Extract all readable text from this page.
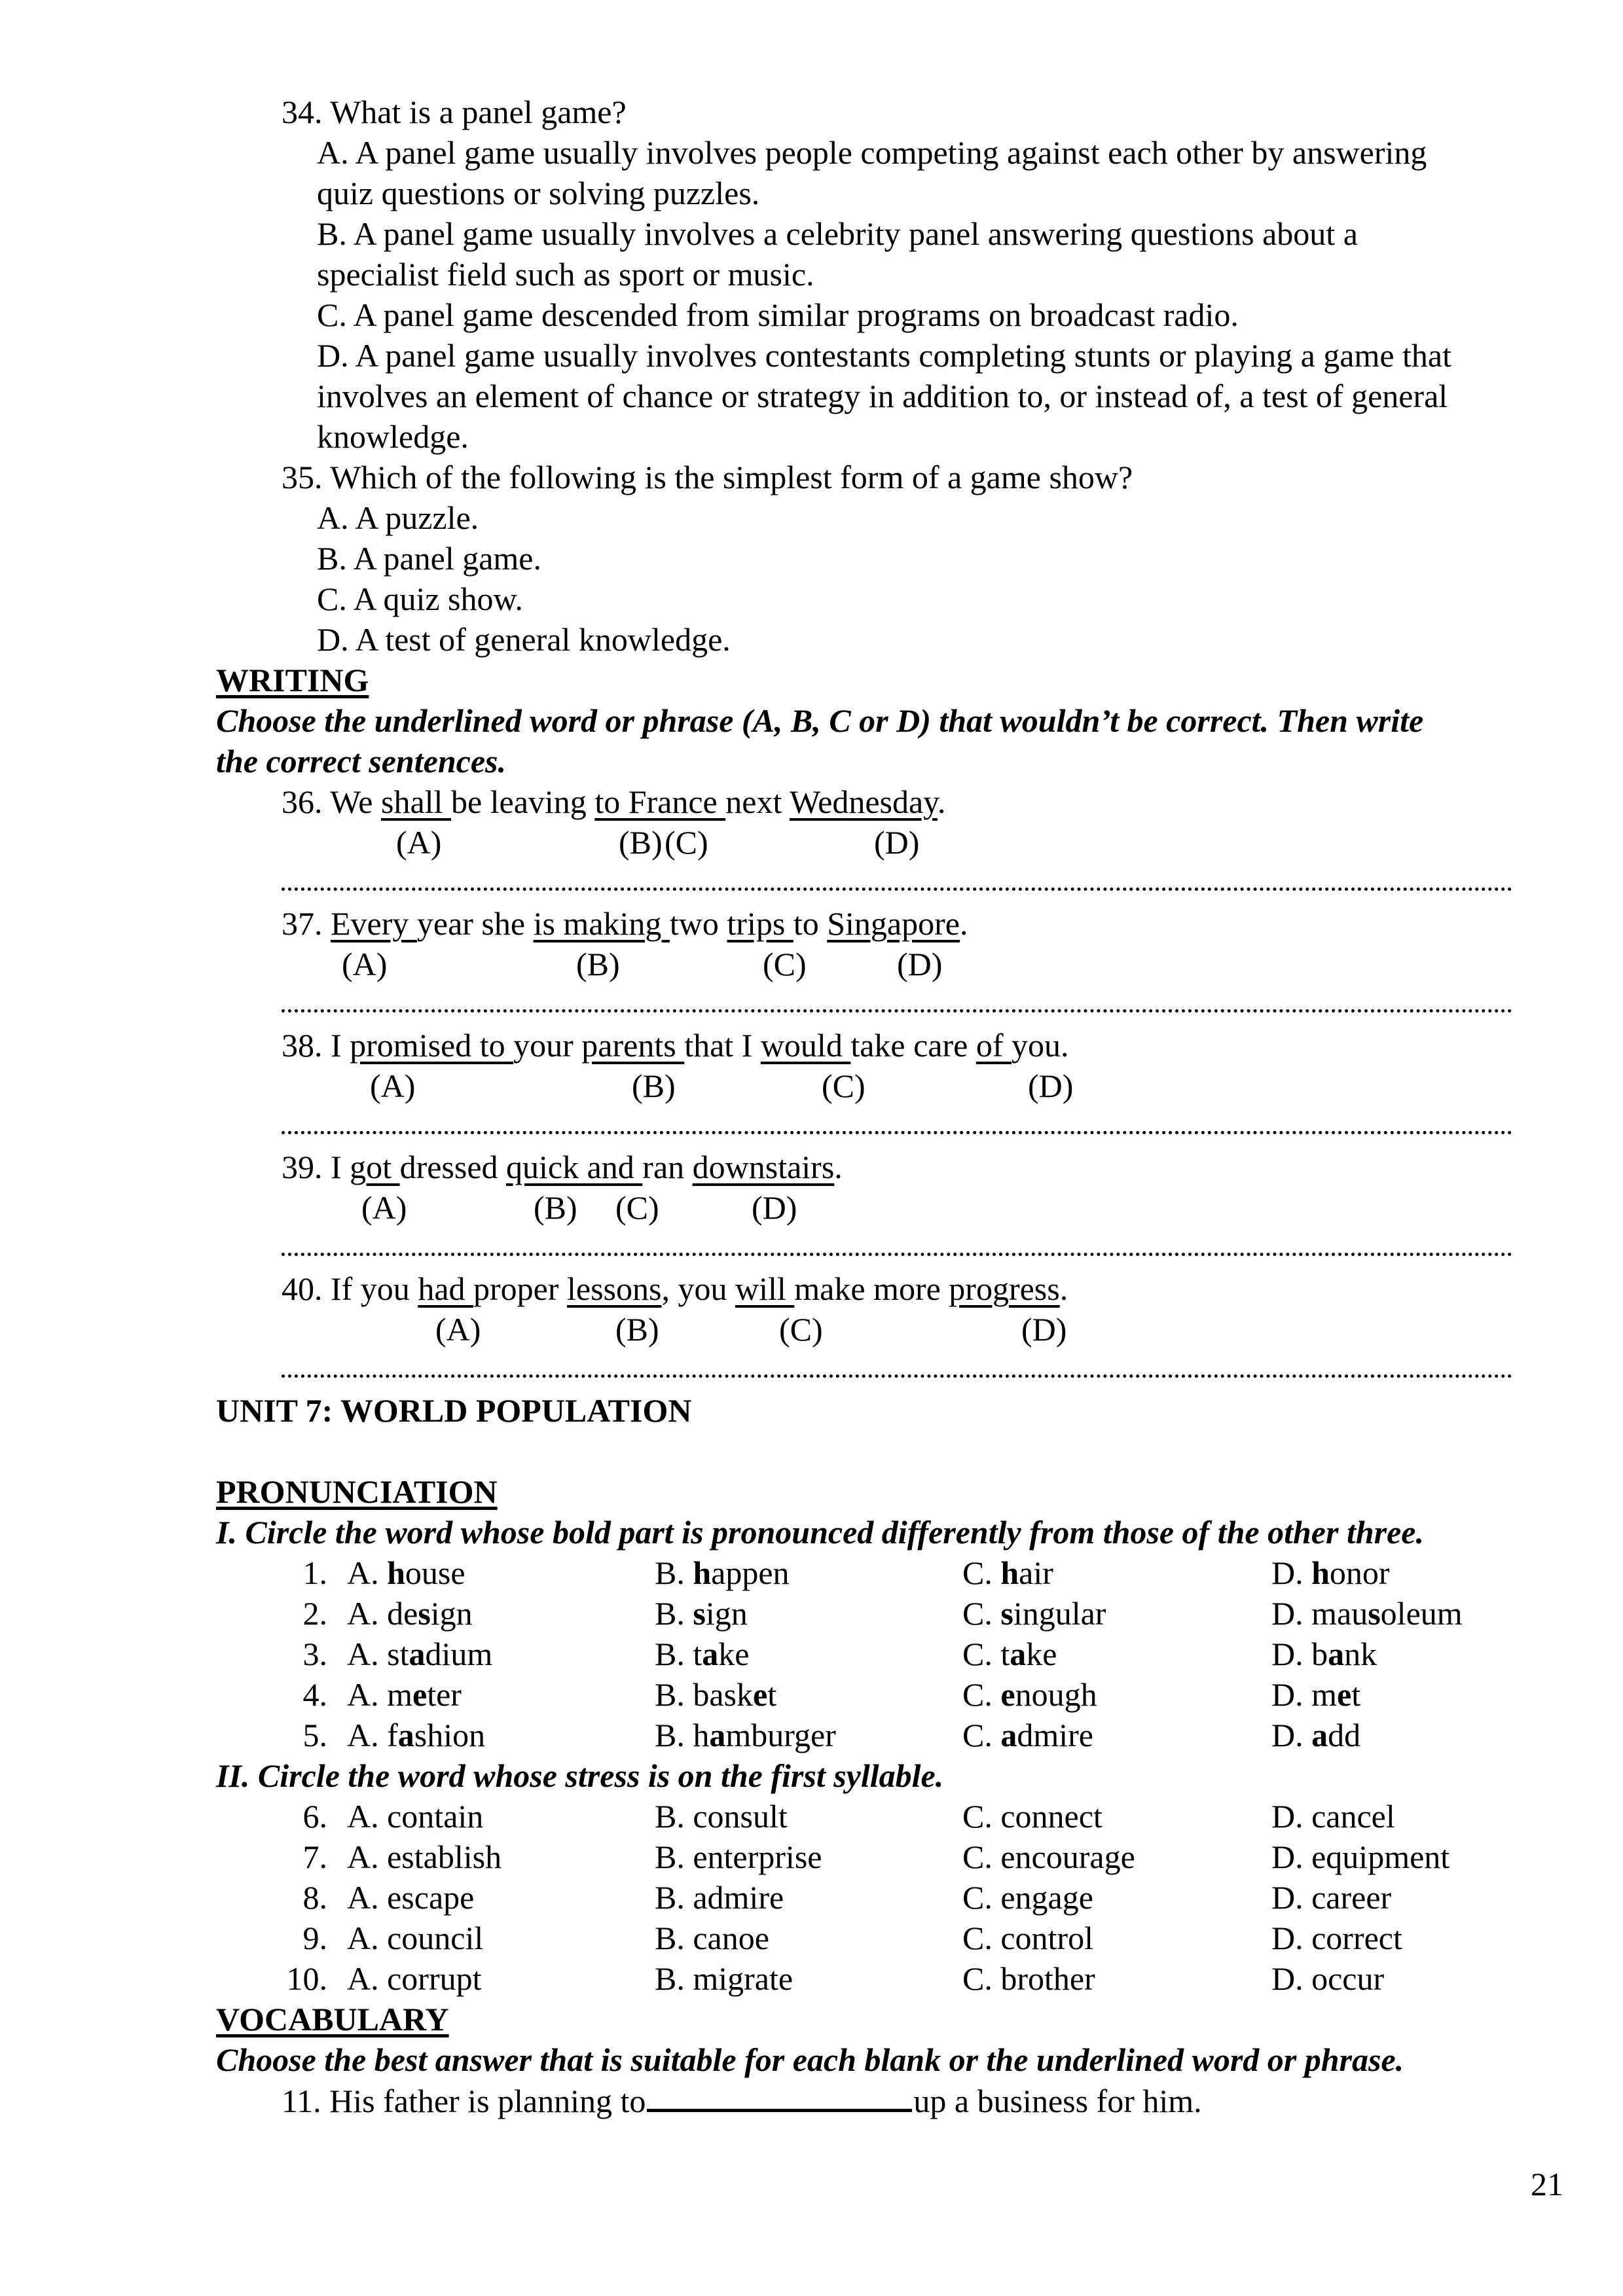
34. What is a panel game?
A. A panel game usually involves people competing against each other by answering
quiz questions or solving puzzles.
B. A panel game usually involves a celebrity panel answering questions about a
specialist field such as sport or music.
C. A panel game descended from similar programs on broadcast radio.
D. A panel game usually involves contestants completing stunts or playing a game that
involves an element of chance or strategy in addition to, or instead of, a test of general
knowledge.
35. Which of the following is the simplest form of a game show?
A. A puzzle.
B. A panel game.
C. A quiz show.
D. A test of general knowledge.
WRITING
Choose the underlined word or phrase (A, B, C or D) that wouldn’t be correct. Then write
the correct sentences.
36. We shall be leaving to France next Wednesday.
(A)	(B) (C)	(D)
37. Every year she is making two trips to Singapore.
(A)	(B)	(C)	(D)
38. I promised to your parents that I would take care of you.
(A)	(B)	(C)	(D)
39. I got dressed quick and ran downstairs.
(A)	(B) (C)	(D)
40. If you had proper lessons, you will make more progress.
(A)	(B)	(C)	(D)
UNIT 7: WORLD POPULATION
PRONUNCIATION
I. Circle the word whose bold part is pronounced differently from those of the other three.
1. A. house	B. happen	C. hair	D. honor
2. A. design	B. sign	C. singular	D. mausoleum
3. A. stadium	B. take	C. take	D. bank
4. A. meter	B. basket	C. enough	D. met
5. A. fashion	B. hamburger	C. admire	D. add
II. Circle the word whose stress is on the first syllable.
6. A. contain	B. consult	C. connect	D. cancel
7. A. establish	B. enterprise	C. encourage	D. equipment
8. A. escape	B. admire	C. engage	D. career
9. A. council	B. canoe	C. control	D. correct
10. A. corrupt	B. migrate	C. brother	D. occur
VOCABULARY
Choose the best answer that is suitable for each blank or the underlined word or phrase.
11. His father is planning to	up a business for him.
21
